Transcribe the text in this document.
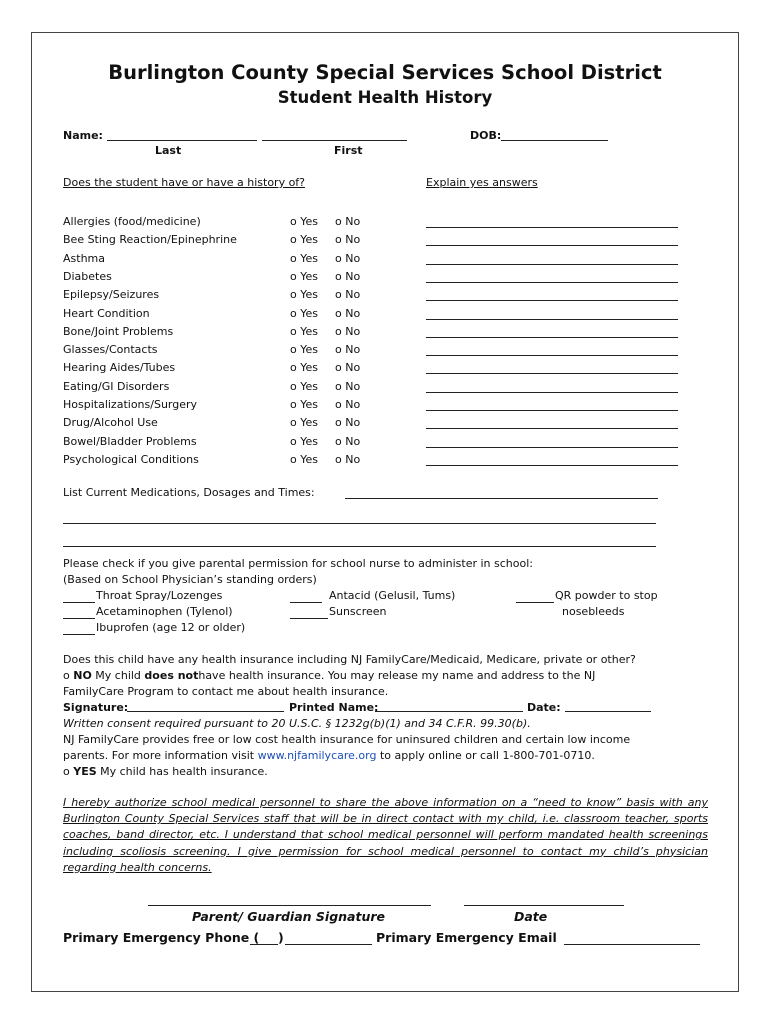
Burlington County Special Services School District
Student Health History
Name:
Last	First
DOB:
Does the student have or have a history of?	Explain yes answers
Allergies (food/medicine)	o Yes o No
Bee Sting Reaction/Epinephrine	o Yes o No
Asthma	o Yes o No
Diabetes	o Yes o No
Epilepsy/Seizures	o Yes o No
Heart Condition	o Yes o No
Bone/Joint Problems	o Yes o No
Glasses/Contacts	o Yes o No
Hearing Aides/Tubes	o Yes o No
Eating/GI Disorders	o Yes o No
Hospitalizations/Surgery	o Yes o No
Drug/Alcohol Use	o Yes o No
Bowel/Bladder Problems	o Yes o No
Psychological Conditions	o Yes o No
List Current Medications, Dosages and Times:
Please check if you give parental permission for school nurse to administer in school:
(Based on School Physician’s standing orders)
Throat Spray/Lozenges	Antacid (Gelusil, Tums)	QR powder to stop
nosebleeds
Acetaminophen (Tylenol)	Sunscreen
Ibuprofen (age 12 or older)
Does this child have any health insurance including NJ FamilyCare/Medicaid, Medicare, private or other?
o NO My child does nothave health insurance. You may release my name and address to the NJ
FamilyCare Program to contact me about health insurance.
Signature:	Printed Name:	Date:
Written consent required pursuant to 20 U.S.C. § 1232g(b)(1) and 34 C.F.R. 99.30(b).
NJ FamilyCare provides free or low cost health insurance for uninsured children and certain low income
parents. For more information visit www.njfamilycare.org to apply online or call 1-800-701-0710.
o YES My child has health insurance.
I hereby authorize school medical personnel to share the above information on a “need to know” basis with any Burlington County Special Services staff that will be in direct contact with my child, i.e. classroom teacher, sports coaches, band director, etc. I understand that school medical personnel will perform mandated health screenings including scoliosis screening. I give permission for school medical personnel to contact my child’s physician regarding health concerns.
Parent/ Guardian Signature	Date
Primary Emergency Phone ( )	Primary Emergency Email
